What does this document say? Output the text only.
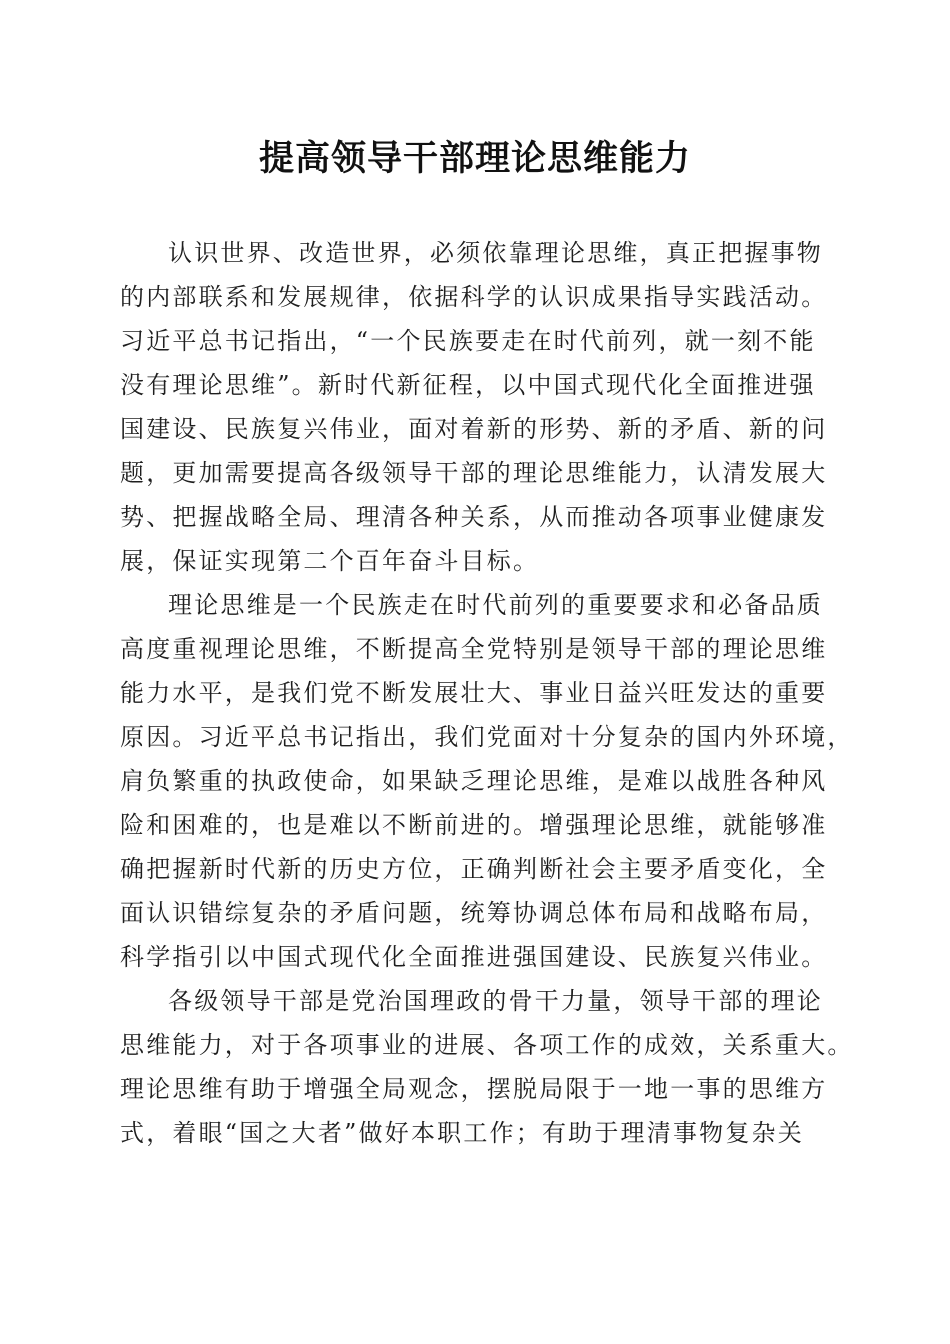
提高领导干部理论思维能力
认识世界、改造世界，必须依靠理论思维，真正把握事物
的内部联系和发展规律，依据科学的认识成果指导实践活动。
习近平总书记指出，“一个民族要走在时代前列，就一刻不能
没有理论思维”。新时代新征程，以中国式现代化全面推进强
国建设、民族复兴伟业，面对着新的形势、新的矛盾、新的问
题，更加需要提高各级领导干部的理论思维能力，认清发展大
势、把握战略全局、理清各种关系，从而推动各项事业健康发
展，保证实现第二个百年奋斗目标。
理论思维是一个民族走在时代前列的重要要求和必备品质
高度重视理论思维，不断提高全党特别是领导干部的理论思维
能力水平，是我们党不断发展壮大、事业日益兴旺发达的重要
原因。习近平总书记指出，我们党面对十分复杂的国内外环境，
肩负繁重的执政使命，如果缺乏理论思维，是难以战胜各种风
险和困难的，也是难以不断前进的。增强理论思维，就能够准
确把握新时代新的历史方位，正确判断社会主要矛盾变化，全
面认识错综复杂的矛盾问题，统筹协调总体布局和战略布局，
科学指引以中国式现代化全面推进强国建设、民族复兴伟业。
各级领导干部是党治国理政的骨干力量，领导干部的理论
思维能力，对于各项事业的进展、各项工作的成效，关系重大。
理论思维有助于增强全局观念，摆脱局限于一地一事的思维方
式，着眼“国之大者”做好本职工作；有助于理清事物复杂关
